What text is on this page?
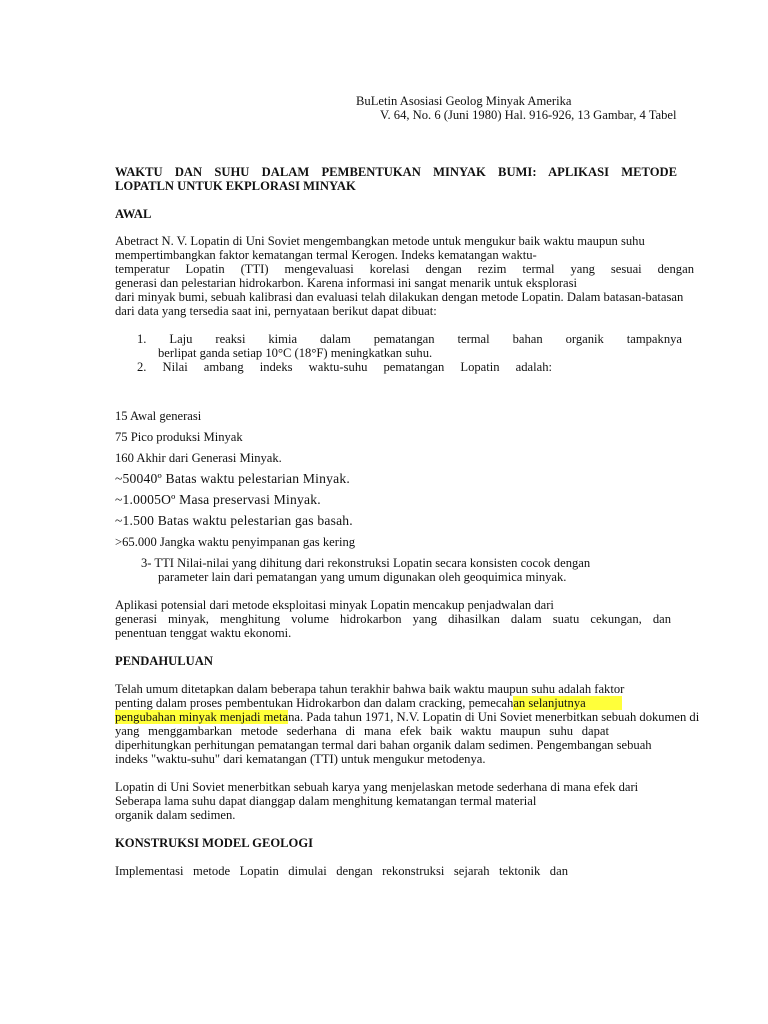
BuLetin Asosiasi Geolog Minyak Amerika
V. 64, No. 6 (Juni 1980) Hal. 916-926, 13 Gambar, 4 Tabel
WAKTU DAN SUHU DALAM PEMBENTUKAN MINYAK BUMI: APLIKASI METODE
LOPATLN UNTUK EKPLORASI MINYAK
AWAL
Abetract N. V. Lopatin di Uni Soviet mengembangkan metode untuk mengukur baik waktu maupun suhu
mempertimbangkan faktor kematangan termal Kerogen. Indeks kematangan waktu-
temperatur Lopatin (TTI) mengevaluasi korelasi dengan rezim termal yang sesuai dengan
generasi dan pelestarian hidrokarbon. Karena informasi ini sangat menarik untuk eksplorasi
dari minyak bumi, sebuah kalibrasi dan evaluasi telah dilakukan dengan metode Lopatin. Dalam batasan-batasan
dari data yang tersedia saat ini, pernyataan berikut dapat dibuat:
1. Laju reaksi kimia dalam pematangan termal bahan organik tampaknya
berlipat ganda setiap 10°C (18°F) meningkatkan suhu.
2. Nilai ambang indeks waktu-suhu pematangan Lopatin adalah:
15 Awal generasi
75 Pico produksi Minyak
160 Akhir dari Generasi Minyak.
~50040º Batas waktu pelestarian Minyak.
~1.0005Oº Masa preservasi Minyak.
~1.500 Batas waktu pelestarian gas basah.
>65.000 Jangka waktu penyimpanan gas kering
3- TTI Nilai-nilai yang dihitung dari rekonstruksi Lopatin secara konsisten cocok dengan
parameter lain dari pematangan yang umum digunakan oleh geoquimica minyak.
Aplikasi potensial dari metode eksploitasi minyak Lopatin mencakup penjadwalan dari
generasi minyak, menghitung volume hidrokarbon yang dihasilkan dalam suatu cekungan, dan
penentuan tenggat waktu ekonomi.
PENDAHULUAN
Telah umum ditetapkan dalam beberapa tahun terakhir bahwa baik waktu maupun suhu adalah faktor
penting dalam proses pembentukan Hidrokarbon dan dalam cracking, pemecahan selanjutnya
pengubahan minyak menjadi metana. Pada tahun 1971, N.V. Lopatin di Uni Soviet menerbitkan sebuah dokumen di
yang menggambarkan metode sederhana di mana efek baik waktu maupun suhu dapat
diperhitungkan perhitungan pematangan termal dari bahan organik dalam sedimen. Pengembangan sebuah
indeks "waktu-suhu" dari kematangan (TTI) untuk mengukur metodenya.
Lopatin di Uni Soviet menerbitkan sebuah karya yang menjelaskan metode sederhana di mana efek dari
Seberapa lama suhu dapat dianggap dalam menghitung kematangan termal material
organik dalam sedimen.
KONSTRUKSI MODEL GEOLOGI
Implementasi metode Lopatin dimulai dengan rekonstruksi sejarah tektonik dan
